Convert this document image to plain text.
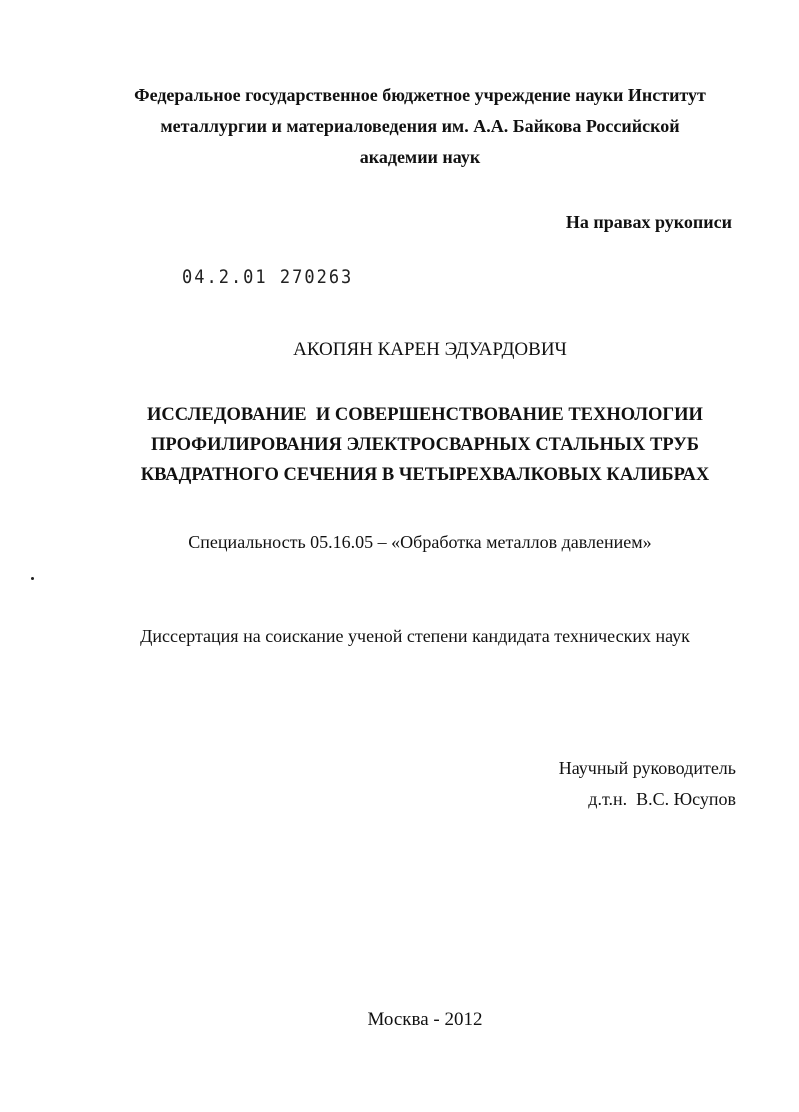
Федеральное государственное бюджетное учреждение науки Институт
металлургии и материаловедения им. А.А. Байкова Российской
академии наук
На правах рукописи
04.2.01 270263
АКОПЯН КАРЕН ЭДУАРДОВИЧ
ИССЛЕДОВАНИЕ  И СОВЕРШЕНСТВОВАНИЕ ТЕХНОЛОГИИ
ПРОФИЛИРОВАНИЯ ЭЛЕКТРОСВАРНЫХ СТАЛЬНЫХ ТРУБ
КВАДРАТНОГО СЕЧЕНИЯ В ЧЕТЫРЕХВАЛКОВЫХ КАЛИБРАХ
Специальность 05.16.05 – «Обработка металлов давлением»
Диссертация на соискание ученой степени кандидата технических наук
Научный руководитель
д.т.н.  В.С. Юсупов
Москва - 2012
